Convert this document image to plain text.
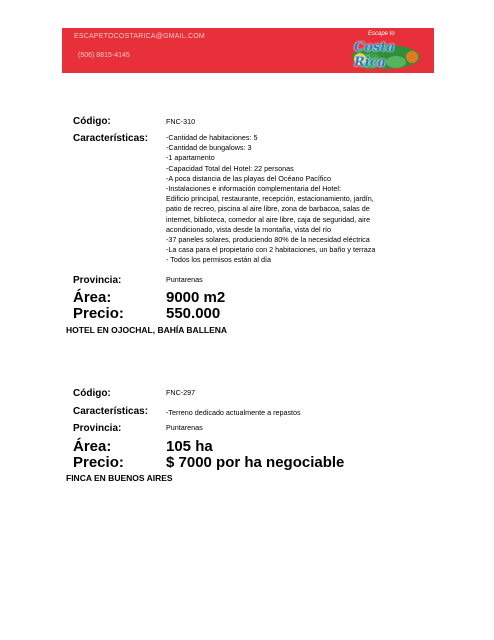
ESCAPETOCOSTARICA@GMAIL.COM
(506) 8815-4145
Escape to
Costa Rica
Código:	FNC-310
Características: -Cantidad de habitaciones: 5
-Cantidad de bungalows: 3
-1 apartamento
-Capacidad Total del Hotel: 22 personas
-A poca distancia de las playas del Océano Pacífico
-Instalaciones e información complementaria del Hotel:
Edificio principal, restaurante, recepción, estacionamiento, jardín,
patio de recreo, piscina al aire libre, zona de barbacoa, salas de
internet, biblioteca, comedor al aire libre, caja de seguridad, aire
acondicionado, vista desde la montaña, vista del río
-37 paneles solares, produciendo 80% de la necesidad eléctrica
-La casa para el propietario con 2 habitaciones, un baño y terraza
- Todos los permisos están al día
Provincia:	Puntarenas
Área:	9000 m2
Precio:	550.000
HOTEL EN OJOCHAL, BAHÍA BALLENA
Código:	FNC-297
Características: -Terreno dedicado actualmente a repastos
Provincia:	Puntarenas
Área:	105 ha
Precio:	$ 7000 por ha negociable
FINCA EN BUENOS AIRES
